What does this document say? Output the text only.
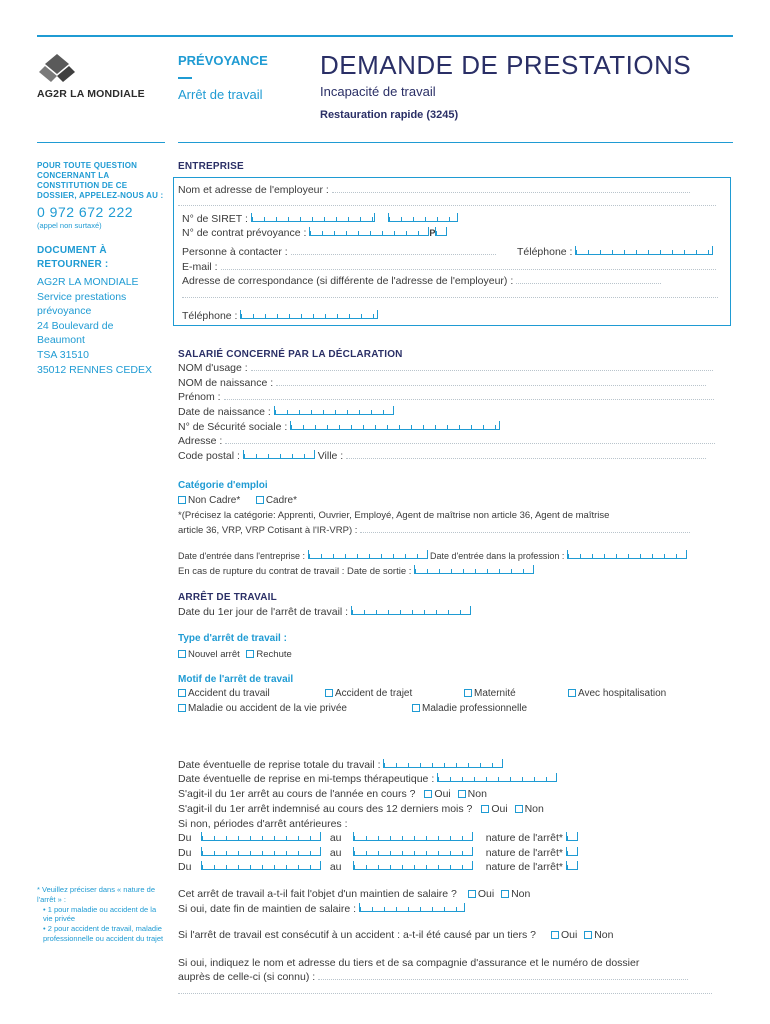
AG2R LA MONDIALE
PRÉVOYANCE
Arrêt de travail
DEMANDE DE PRESTATIONS
Incapacité de travail
Restauration rapide (3245)
POUR TOUTE QUESTION CONCERNANT LA CONSTITUTION DE CE DOSSIER, APPELEZ-NOUS AU :
0 972 672 222
(appel non surtaxé)
DOCUMENT À RETOURNER :
AG2R LA MONDIALE
Service prestations
prévoyance
24 Boulevard de
Beaumont
TSA 31510
35012 RENNES CEDEX
* Veuillez préciser dans « nature de l'arrêt » :
• 1 pour maladie ou accident de la vie privée
• 2 pour accident de travail, maladie professionnelle ou accident du trajet
ENTREPRISE
Nom et adresse de l'employeur :
N° de SIRET :
N° de contrat prévoyance :	P
Personne à contacter :	Téléphone :
E-mail :
Adresse de correspondance (si différente de l'adresse de l'employeur) :
Téléphone :
SALARIÉ CONCERNÉ PAR LA DÉCLARATION
NOM d'usage :
NOM de naissance :
Prénom :
Date de naissance :
N° de Sécurité sociale :
Adresse :
Code postal :	Ville :
Catégorie d'emploi
Non Cadre*	Cadre*
*(Précisez la catégorie: Apprenti, Ouvrier, Employé, Agent de maîtrise non article 36, Agent de maîtrise
article 36, VRP, VRP Cotisant à l'IR-VRP) :
Date d'entrée dans l'entreprise :	Date d'entrée dans la profession :
En cas de rupture du contrat de travail : Date de sortie :
ARRÊT DE TRAVAIL
Date du 1er jour de l'arrêt de travail :
Type d'arrêt de travail :
Nouvel arrêt Rechute
Motif de l'arrêt de travail
Accident du travail	Accident de trajet	Maternité	Avec hospitalisation
Maladie ou accident de la vie privée	Maladie professionnelle
Date éventuelle de reprise totale du travail :
Date éventuelle de reprise en mi-temps thérapeutique :
S'agit-il du 1er arrêt au cours de l'année en cours ? Oui Non
S'agit-il du 1er arrêt indemnisé au cours des 12 derniers mois ? Oui Non
Si non, périodes d'arrêt antérieures :
Du	au	nature de l'arrêt*
Du	au	nature de l'arrêt*
Du	au	nature de l'arrêt*
Cet arrêt de travail a-t-il fait l'objet d'un maintien de salaire ? Oui Non
Si oui, date fin de maintien de salaire :
Si l'arrêt de travail est consécutif à un accident : a-t-il été causé par un tiers ? Oui Non
Si oui, indiquez le nom et adresse du tiers et de sa compagnie d'assurance et le numéro de dossier
auprès de celle-ci (si connu) :
